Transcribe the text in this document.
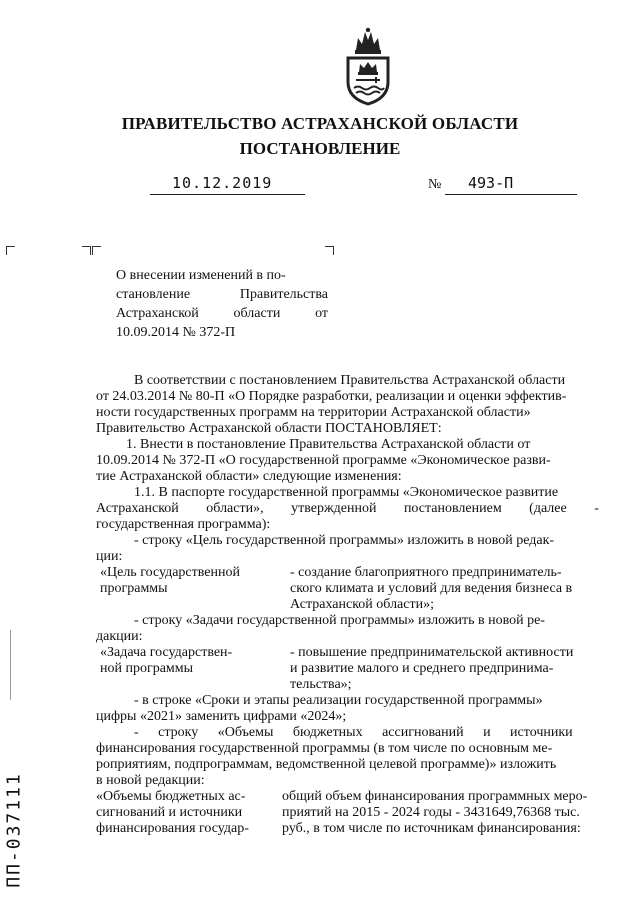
ПРАВИТЕЛЬСТВО АСТРАХАНСКОЙ ОБЛАСТИ
ПОСТАНОВЛЕНИЕ
10.12.2019	№ 493-П
О внесении изменений в по-
становление Правительства
Астраханской области от
10.09.2014 № 372-П
В соответствии с постановлением Правительства Астраханской области
от 24.03.2014 № 80-П «О Порядке разработки, реализации и оценки эффектив-
ности государственных программ на территории Астраханской области»
Правительство Астраханской области ПОСТАНОВЛЯЕТ:
1. Внести в постановление Правительства Астраханской области от
10.09.2014 № 372-П «О государственной программе «Экономическое разви-
тие Астраханской области» следующие изменения:
1.1. В паспорте государственной программы «Экономическое развитие
Астраханской области», утвержденной постановлением (далее -
государственная программа):
- строку «Цель государственной программы» изложить в новой редак-
ции:
«Цель государственной
программы
- создание благоприятного предприниматель-
ского климата и условий для ведения бизнеса в
Астраханской области»;
- строку «Задачи государственной программы» изложить в новой ре-
дакции:
«Задача государствен-
ной программы
- повышение предпринимательской активности
и развитие малого и среднего предпринима-
тельства»;
- в строке «Сроки и этапы реализации государственной программы»
цифры «2021» заменить цифрами «2024»;
- строку «Объемы бюджетных ассигнований и источники
финансирования государственной программы (в том числе по основным ме-
роприятиям, подпрограммам, ведомственной целевой программе)» изложить
в новой редакции:
«Объемы бюджетных ас-
сигнований и источники
финансирования государ-
общий объем финансирования программных меро-
приятий на 2015 - 2024 годы - 3431649,76368 тыс.
руб., в том числе по источникам финансирования:
ПП-037111
